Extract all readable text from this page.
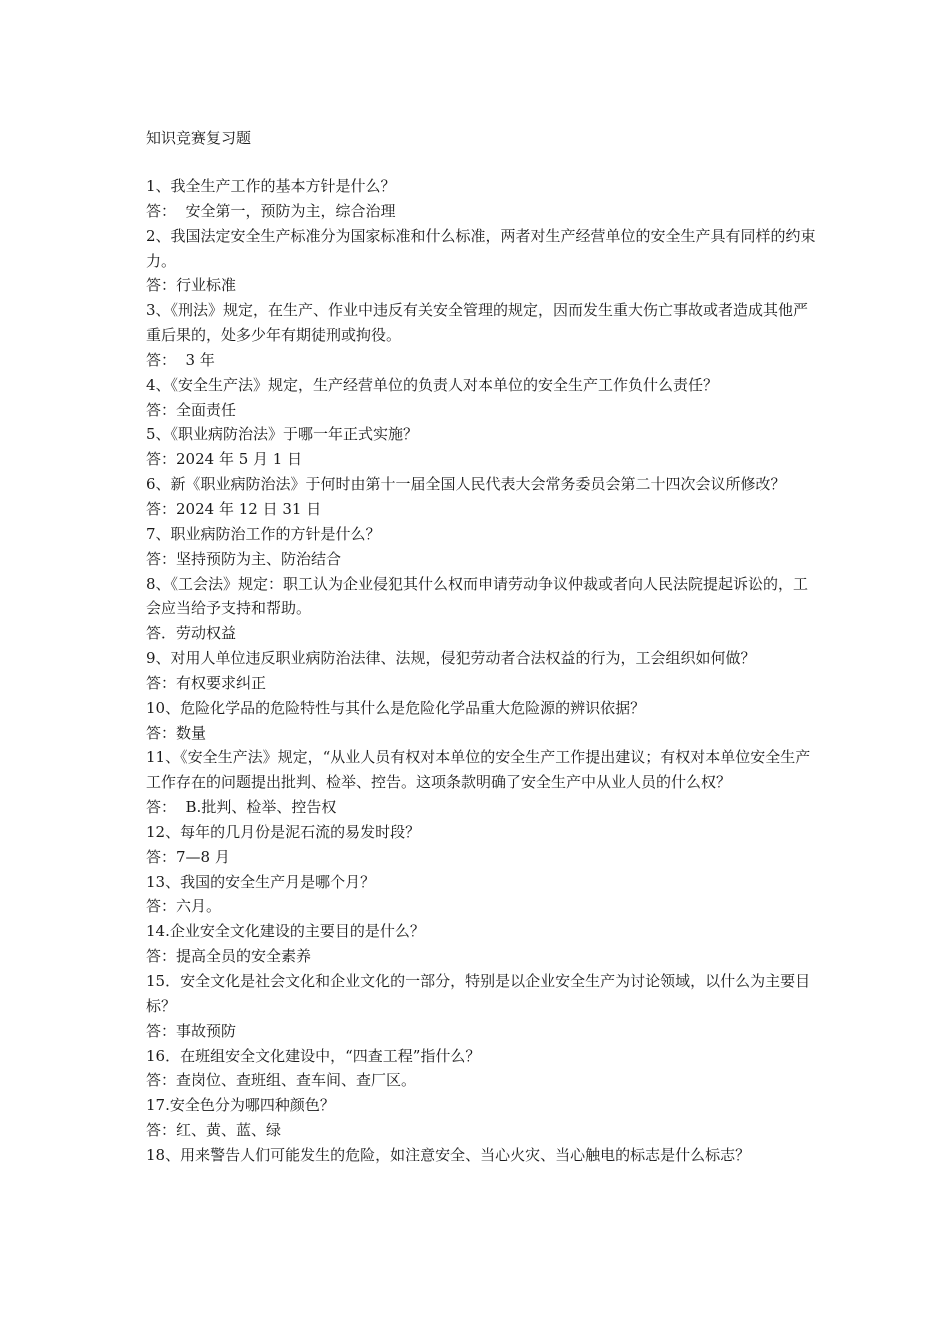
知识竞赛复习题

1、我全生产工作的基本方针是什么？

答：  安全第一，预防为主，综合治理

2、我国法定安全生产标准分为国家标准和什么标准，两者对生产经营单位的安全生产具有同样的约束力。

答：行业标准

3、《刑法》规定，在生产、作业中违反有关安全管理的规定，因而发生重大伤亡事故或者造成其他严重后果的，处多少年有期徒刑或拘役。

答：  3 年

4、《安全生产法》规定，生产经营单位的负责人对本单位的安全生产工作负什么责任？

答：全面责任

5、《职业病防治法》于哪一年正式实施？

答：2024 年 5 月 1 日

6、新《职业病防治法》于何时由第十一届全国人民代表大会常务委员会第二十四次会议所修改？

答：2024 年 12 日 31 日

7、职业病防治工作的方针是什么？

答：坚持预防为主、防治结合

8、《工会法》规定：职工认为企业侵犯其什么权而申请劳动争议仲裁或者向人民法院提起诉讼的，工会应当给予支持和帮助。

答．劳动权益

9、对用人单位违反职业病防治法律、法规，侵犯劳动者合法权益的行为，工会组织如何做？

答：有权要求纠正

10、危险化学品的危险特性与其什么是危险化学品重大危险源的辨识依据？

答：数量

11、《安全生产法》规定，“从业人员有权对本单位的安全生产工作提出建议；有权对本单位安全生产工作存在的问题提出批判、检举、控告。这项条款明确了安全生产中从业人员的什么权？

答：  B.批判、检举、控告权

12、每年的几月份是泥石流的易发时段？

答：7—8 月

13、我国的安全生产月是哪个月？

答：六月。

14.企业安全文化建设的主要目的是什么？

答：提高全员的安全素养

15．安全文化是社会文化和企业文化的一部分，特别是以企业安全生产为讨论领域，以什么为主要目标？

答：事故预防

16．在班组安全文化建设中，“四查工程”指什么？

答：查岗位、查班组、查车间、查厂区。

17.安全色分为哪四种颜色？

答：红、黄、蓝、绿

18、用来警告人们可能发生的危险，如注意安全、当心火灾、当心触电的标志是什么标志？
